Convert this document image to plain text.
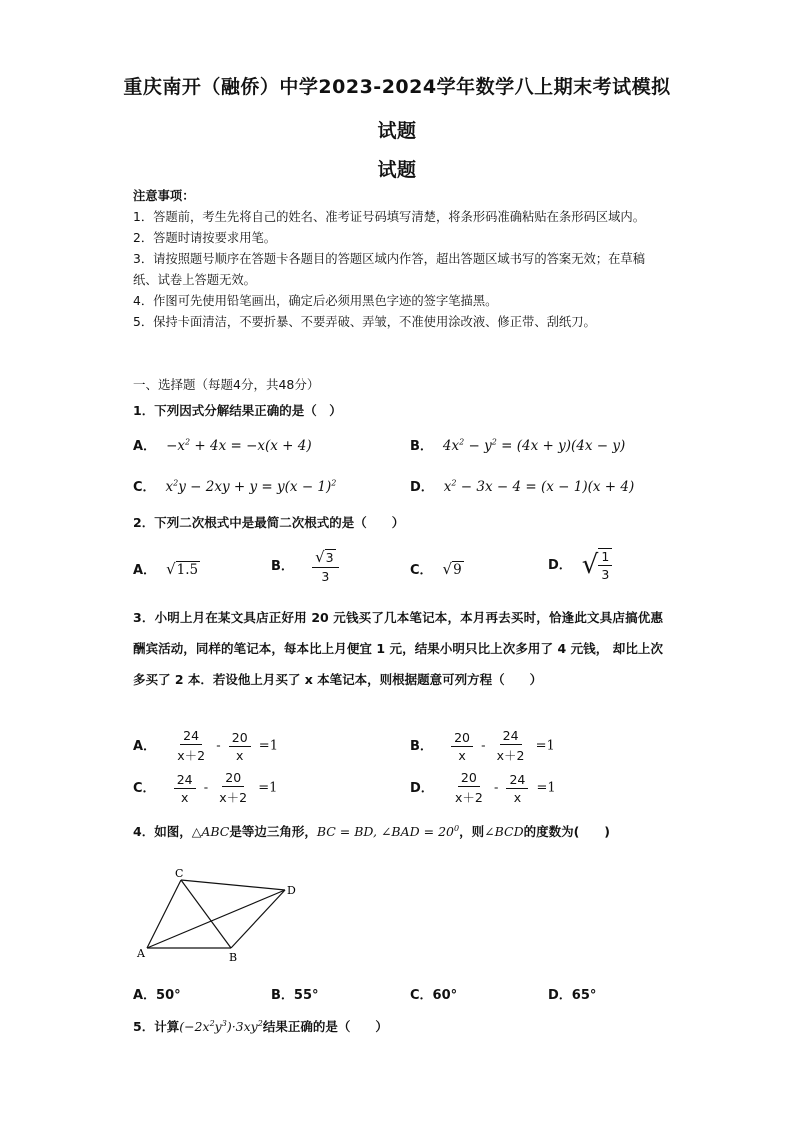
重庆南开（融侨）中学2023-2024学年数学八上期末考试模拟
试题
试题
注意事项：
1．答题前，考生先将自己的姓名、准考证号码填写清楚，将条形码准确粘贴在条形码区域内。
2．答题时请按要求用笔。
3．请按照题号顺序在答题卡各题目的答题区域内作答，超出答题区域书写的答案无效；在草稿纸、试卷上答题无效。
4．作图可先使用铅笔画出，确定后必须用黑色字迹的签字笔描黑。
5．保持卡面清洁，不要折暴、不要弄破、弄皱，不准使用涂改液、修正带、刮纸刀。
一、选择题（每题4分，共48分）
1．下列因式分解结果正确的是（　）
A． $-x^2 + 4x = -x(x + 4)$	B． $4x^2 - y^2 = (4x + y)(4x - y)$
C． $x^2y - 2xy + y = y(x - 1)^2$	D． $x^2 - 3x - 4 = (x - 1)(x + 4)$
2．下列二次根式中是最简二次根式的是（　　）
A． √1.5	B． $\frac{√3}{3}$	C． √9	D． √ $\frac{1}{3}$
3．小明上月在某文具店正好用 20 元钱买了几本笔记本，本月再去买时，恰逢此文具店搞优惠酬宾活动，同样的笔记本，每本比上月便宜 1 元，结果小明只比上次多用了 4 元钱， 却比上次多买了 2 本．若设他上月买了 x 本笔记本，则根据题意可列方程（　　）
A． $\frac{24}{x+2} - \frac{20}{x} =1$	B． $\frac{20}{x} - \frac{24}{x+2} =1$
C． $\frac{24}{x} - \frac{20}{x+2} =1$	D． $\frac{20}{x+2} - \frac{24}{x} =1$
4．如图，△ABC是等边三角形，BC = BD, ∠BAD = $20^0$，则∠BCD的度数为(　　)
C
D
A	B
A．50°	B．55°	C．60°	D．65°
5．计算$(-2x^2y^3)\cdot 3xy^2$结果正确的是（　　）
